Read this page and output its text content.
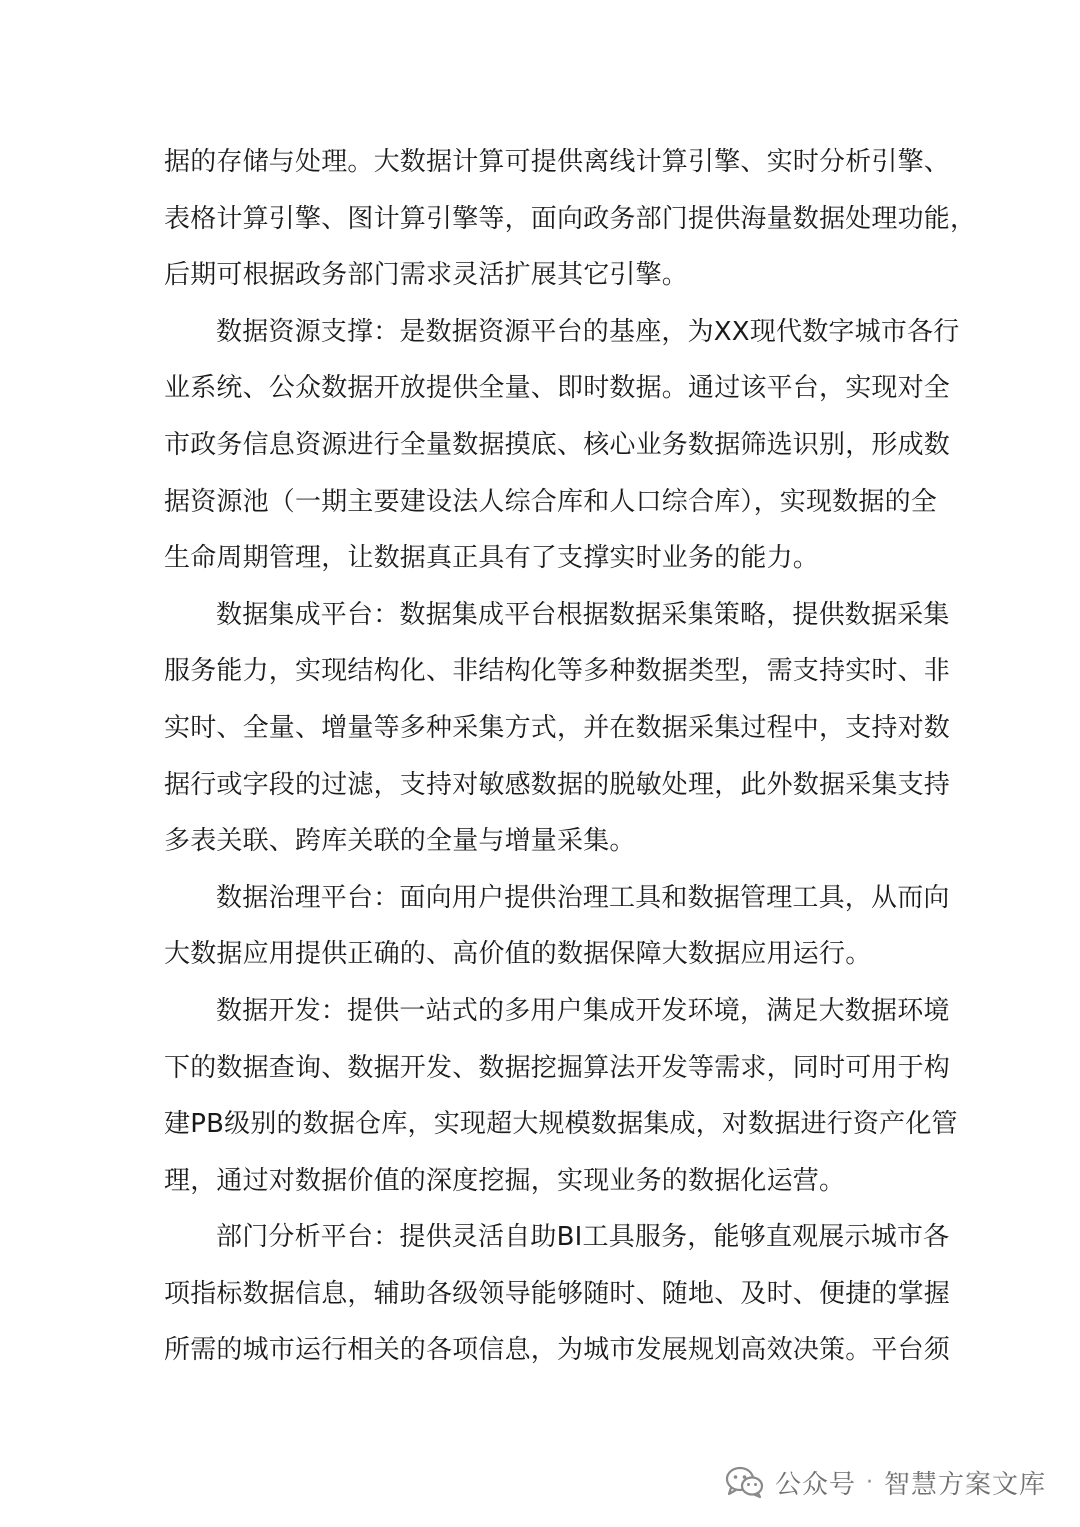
据的存储与处理。大数据计算可提供离线计算引擎、实时分析引擎、
表格计算引擎、图计算引擎等，面向政务部门提供海量数据处理功能，
后期可根据政务部门需求灵活扩展其它引擎。
数据资源支撑：是数据资源平台的基座，为XX现代数字城市各行
业系统、公众数据开放提供全量、即时数据。通过该平台，实现对全
市政务信息资源进行全量数据摸底、核心业务数据筛选识别，形成数
据资源池（一期主要建设法人综合库和人口综合库），实现数据的全
生命周期管理，让数据真正具有了支撑实时业务的能力。
数据集成平台：数据集成平台根据数据采集策略，提供数据采集
服务能力，实现结构化、非结构化等多种数据类型，需支持实时、非
实时、全量、增量等多种采集方式，并在数据采集过程中，支持对数
据行或字段的过滤，支持对敏感数据的脱敏处理，此外数据采集支持
多表关联、跨库关联的全量与增量采集。
数据治理平台：面向用户提供治理工具和数据管理工具，从而向
大数据应用提供正确的、高价值的数据保障大数据应用运行。
数据开发：提供一站式的多用户集成开发环境，满足大数据环境
下的数据查询、数据开发、数据挖掘算法开发等需求，同时可用于构
建PB级别的数据仓库，实现超大规模数据集成，对数据进行资产化管
理，通过对数据价值的深度挖掘，实现业务的数据化运营。
部门分析平台：提供灵活自助BI工具服务，能够直观展示城市各
项指标数据信息，辅助各级领导能够随时、随地、及时、便捷的掌握
所需的城市运行相关的各项信息，为城市发展规划高效决策。平台须
公众号 · 智慧方案文库
